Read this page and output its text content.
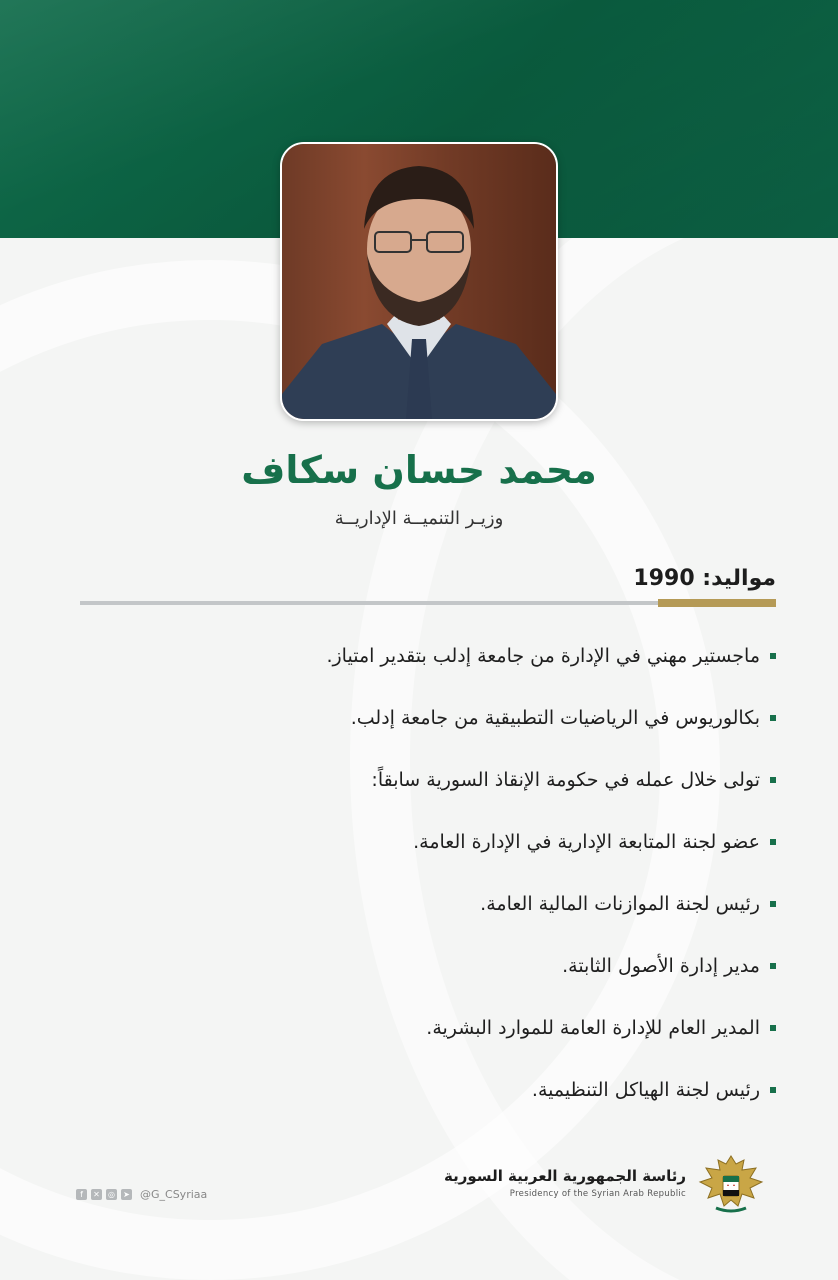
محمد حسان سكاف
وزيـر التنميــة الإداريــة
مواليد: 1990
ماجستير مهني في الإدارة من جامعة إدلب بتقدير امتياز.
بكالوريوس في الرياضيات التطبيقية من جامعة إدلب.
تولى خلال عمله في حكومة الإنقاذ السورية سابقاً:
عضو لجنة المتابعة الإدارية في الإدارة العامة.
رئيس لجنة الموازنات المالية العامة.
مدير إدارة الأصول الثابتة.
المدير العام للإدارة العامة للموارد البشرية.
رئيس لجنة الهياكل التنظيمية.
f	✕ ◎ ➤ @G_CSyriaa
رئاسة الجمهورية العربية السورية
Presidency of the Syrian Arab Republic
